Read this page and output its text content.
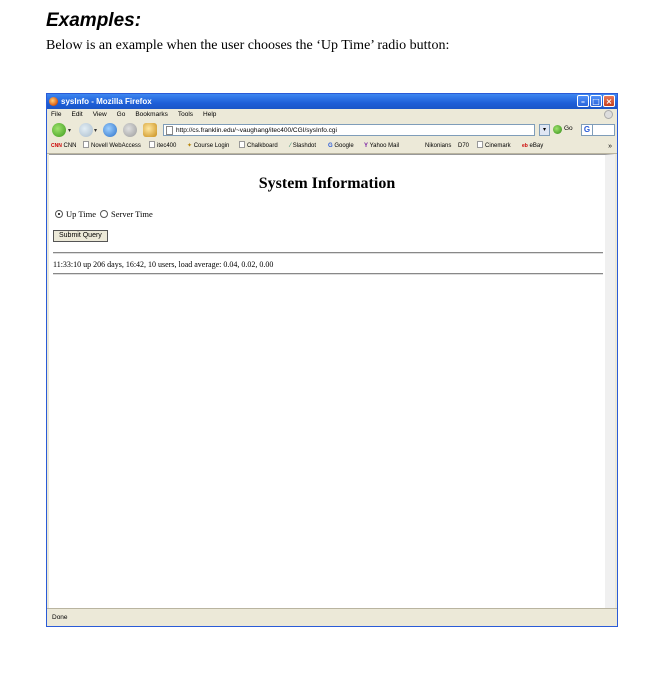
Examples:
Below is an example when the user chooses the ‘Up Time’ radio button:
sysInfo - Mozilla Firefox	– □ ×
File Edit View Go Bookmarks Tools Help
▾	▾	http://cs.franklin.edu/~vaughang/itec400/CGI/sysInfo.cgi	▾	Go	G
CNN CNN	Novell WebAccess	itec400 ✦ Course Login	Chalkboard ⁄ Slashdot G Google Y Yahoo Mail	Nikonians D70	Cinemark eb eBay	»
System Information
Up Time Server Time
Submit Query
11:33:10 up 206 days, 16:42, 10 users, load average: 0.04, 0.02, 0.00
Done
